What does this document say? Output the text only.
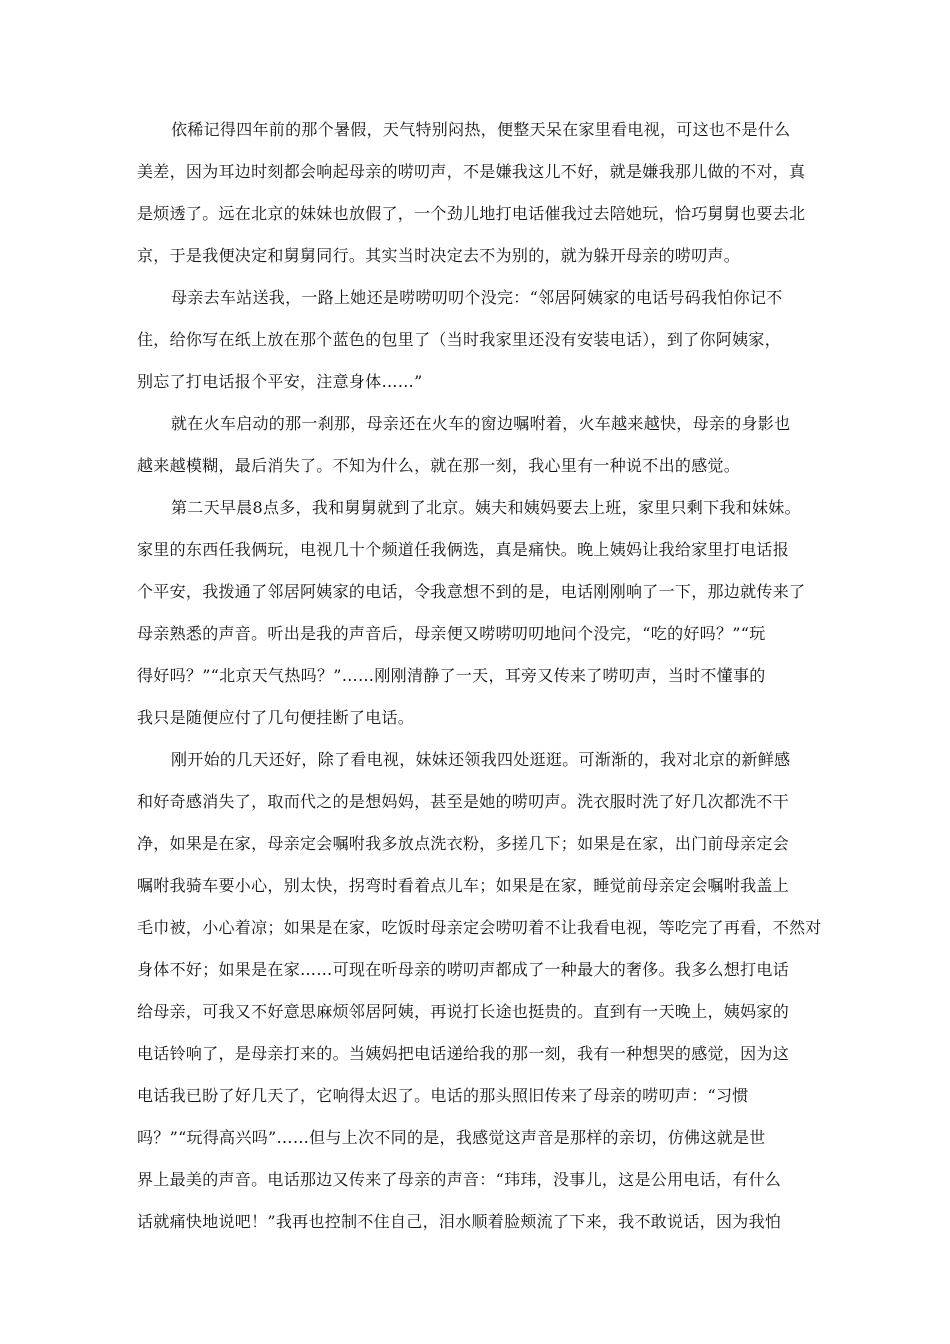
依稀记得四年前的那个暑假，天气特别闷热，便整天呆在家里看电视，可这也不是什么
美差，因为耳边时刻都会响起母亲的唠叨声，不是嫌我这儿不好，就是嫌我那儿做的不对，真
是烦透了。远在北京的妹妹也放假了，一个劲儿地打电话催我过去陪她玩，恰巧舅舅也要去北
京，于是我便决定和舅舅同行。其实当时决定去不为别的，就为躲开母亲的唠叨声。
母亲去车站送我，一路上她还是唠唠叨叨个没完：“邻居阿姨家的电话号码我怕你记不
住，给你写在纸上放在那个蓝色的包里了（当时我家里还没有安装电话），到了你阿姨家，
别忘了打电话报个平安，注意身体……”
就在火车启动的那一刹那，母亲还在火车的窗边嘱咐着，火车越来越快，母亲的身影也
越来越模糊，最后消失了。不知为什么，就在那一刻，我心里有一种说不出的感觉。
第二天早晨8点多，我和舅舅就到了北京。姨夫和姨妈要去上班，家里只剩下我和妹妹。
家里的东西任我俩玩，电视几十个频道任我俩选，真是痛快。晚上姨妈让我给家里打电话报
个平安，我拨通了邻居阿姨家的电话，令我意想不到的是，电话刚刚响了一下，那边就传来了
母亲熟悉的声音。听出是我的声音后，母亲便又唠唠叨叨地问个没完，“吃的好吗？”“玩
得好吗？”“北京天气热吗？”……刚刚清静了一天，耳旁又传来了唠叨声，当时不懂事的
我只是随便应付了几句便挂断了电话。
刚开始的几天还好，除了看电视，妹妹还领我四处逛逛。可渐渐的，我对北京的新鲜感
和好奇感消失了，取而代之的是想妈妈，甚至是她的唠叨声。洗衣服时洗了好几次都洗不干
净，如果是在家，母亲定会嘱咐我多放点洗衣粉，多搓几下；如果是在家，出门前母亲定会
嘱咐我骑车要小心，别太快，拐弯时看着点儿车；如果是在家，睡觉前母亲定会嘱咐我盖上
毛巾被，小心着凉；如果是在家，吃饭时母亲定会唠叨着不让我看电视，等吃完了再看，不然对
身体不好；如果是在家……可现在听母亲的唠叨声都成了一种最大的奢侈。我多么想打电话
给母亲，可我又不好意思麻烦邻居阿姨，再说打长途也挺贵的。直到有一天晚上，姨妈家的
电话铃响了，是母亲打来的。当姨妈把电话递给我的那一刻，我有一种想哭的感觉，因为这
电话我已盼了好几天了，它响得太迟了。电话的那头照旧传来了母亲的唠叨声：“习惯
吗？”“玩得高兴吗”……但与上次不同的是，我感觉这声音是那样的亲切，仿佛这就是世
界上最美的声音。电话那边又传来了母亲的声音：“玮玮，没事儿，这是公用电话，有什么
话就痛快地说吧！”我再也控制不住自己，泪水顺着脸颊流了下来，我不敢说话，因为我怕
